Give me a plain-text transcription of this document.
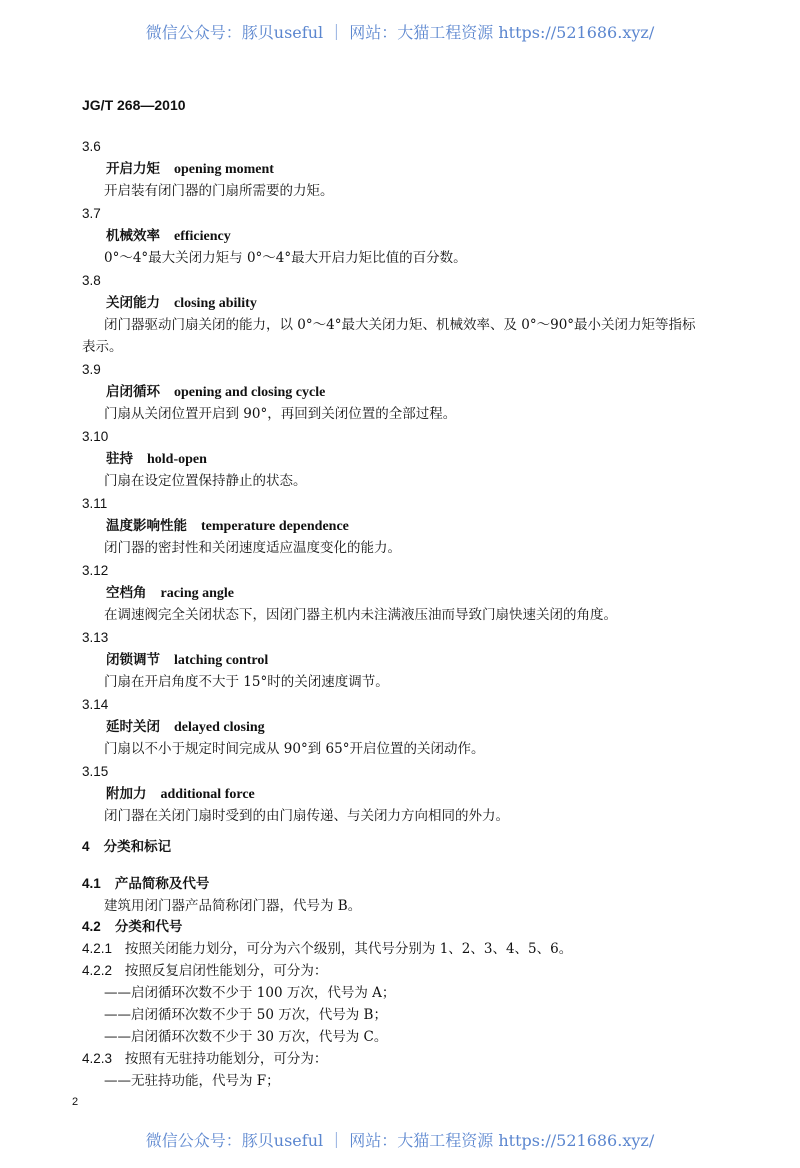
微信公众号：豚贝useful ｜ 网站：大猫工程资源 https://521686.xyz/
JG/T 268—2010
3.6
开启力矩 opening moment
开启装有闭门器的门扇所需要的力矩。
3.7
机械效率 efficiency
0°～4°最大关闭力矩与 0°～4°最大开启力矩比值的百分数。
3.8
关闭能力 closing ability
闭门器驱动门扇关闭的能力，以 0°～4°最大关闭力矩、机械效率、及 0°～90°最小关闭力矩等指标
表示。
3.9
启闭循环 opening and closing cycle
门扇从关闭位置开启到 90°，再回到关闭位置的全部过程。
3.10
驻持 hold-open
门扇在设定位置保持静止的状态。
3.11
温度影响性能 temperature dependence
闭门器的密封性和关闭速度适应温度变化的能力。
3.12
空档角 racing angle
在调速阀完全关闭状态下，因闭门器主机内未注满液压油而导致门扇快速关闭的角度。
3.13
闭锁调节 latching control
门扇在开启角度不大于 15°时的关闭速度调节。
3.14
延时关闭 delayed closing
门扇以不小于规定时间完成从 90°到 65°开启位置的关闭动作。
3.15
附加力 additional force
闭门器在关闭门扇时受到的由门扇传递、与关闭力方向相同的外力。
4 分类和标记
4.1 产品简称及代号
建筑用闭门器产品简称闭门器，代号为 B。
4.2 分类和代号
4.2.1 按照关闭能力划分，可分为六个级别，其代号分别为 1、2、3、4、5、6。
4.2.2 按照反复启闭性能划分，可分为：
——启闭循环次数不少于 100 万次，代号为 A；
——启闭循环次数不少于 50 万次，代号为 B；
——启闭循环次数不少于 30 万次，代号为 C。
4.2.3 按照有无驻持功能划分，可分为：
——无驻持功能，代号为 F；
2
微信公众号：豚贝useful ｜ 网站：大猫工程资源 https://521686.xyz/
